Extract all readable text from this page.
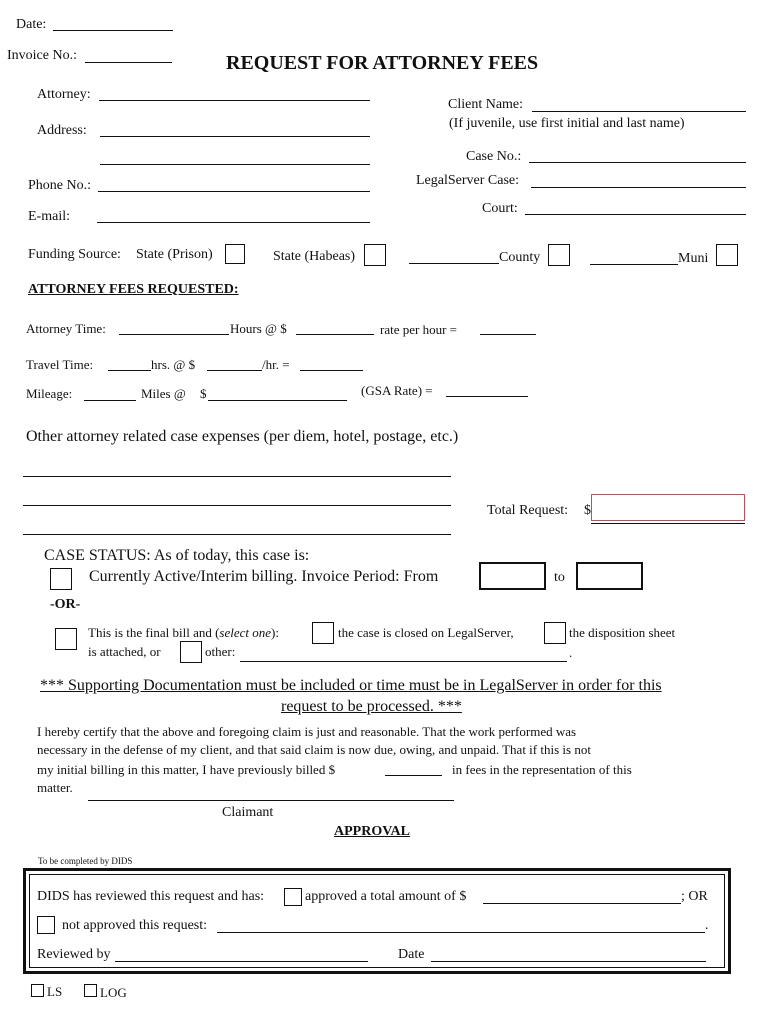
Date:
Invoice No.:	REQUEST FOR ATTORNEY FEES
Attorney:
Address:
Phone No.:
E-mail:
Client Name:
(If juvenile, use first initial and last name)
Case No.:
LegalServer Case:
Court:
Funding Source: State (Prison)	State (Habeas)	County	Muni
ATTORNEY FEES REQUESTED:
Attorney Time:	Hours @ $	rate per hour =
Travel Time:	hrs. @ $	/hr. =
Mileage:	Miles @ $	(GSA Rate) =
Other attorney related case expenses (per diem, hotel, postage, etc.)
Total Request: $
CASE STATUS: As of today, this case is:
Currently Active/Interim billing. Invoice Period: From	to
-OR-
This is the final bill and (select one):	the case is closed on LegalServer,	the disposition sheet
is attached, or	other:	.
*** Supporting Documentation must be included or time must be in LegalServer in order for this
request to be processed. ***
I hereby certify that the above and foregoing claim is just and reasonable. That the work performed was
necessary in the defense of my client, and that said claim is now due, owing, and unpaid. That if this is not
my initial billing in this matter, I have previously billed $	in fees in the representation of this
matter.
Claimant
APPROVAL
To be completed by DIDS
DIDS has reviewed this request and has:	approved a total amount of $	; OR
not approved this request:	.
Reviewed by	Date
LS	LOG
